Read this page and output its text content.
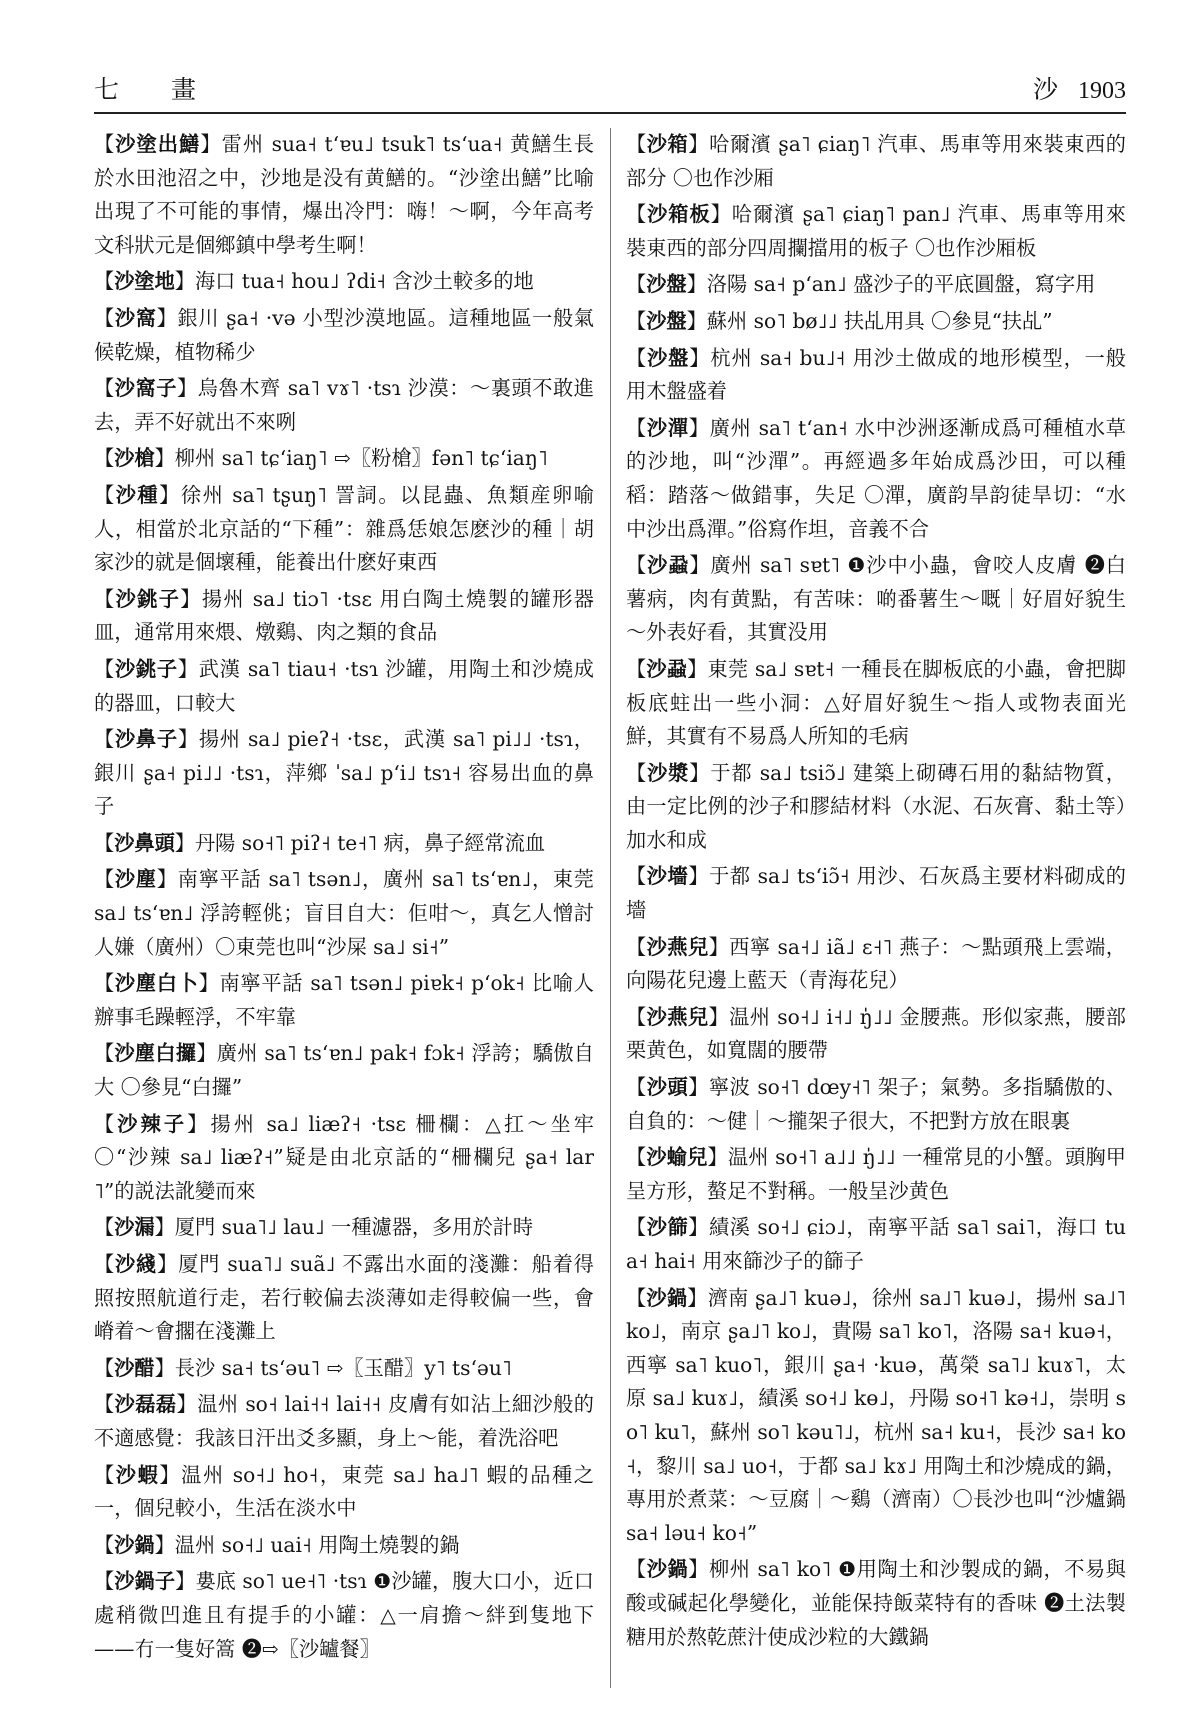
七 畫	沙 1903

【沙塗出鱔】雷州 sua˧ tʻɐu˩ tsuk˥ tsʻua˧ 黄鱔生長於水田池沼之中，沙地是没有黄鱔的。“沙塗出鱔”比喻出現了不可能的事情，爆出冷門：嗨！～啊，今年高考文科狀元是個鄉鎮中學考生啊！

【沙塗地】海口 tua˧ hou˩ ʔdi˧ 含沙土較多的地

【沙窩】銀川 ʂa˧ ·və 小型沙漠地區。這種地區一般氣候乾燥，植物稀少

【沙窩子】烏魯木齊 sa˥ vɤ˥ ·tsɿ 沙漠：～裏頭不敢進去，弄不好就出不來咧

【沙槍】柳州 sa˥ tɕʻiaŋ˥ ⇨〖粉槍〗fən˥ tɕʻiaŋ˥

【沙種】徐州 sa˥ tʂuŋ˥ 詈詞。以昆蟲、魚類産卵喻人，相當於北京話的“下種”：雜爲恁娘怎麽沙的種｜胡家沙的就是個壞種，能養出什麽好東西

【沙銚子】揚州 sa˩ tiɔ˥ ·tsɛ 用白陶土燒製的罐形器皿，通常用來煨、燉鷄、肉之類的食品

【沙銚子】武漢 sa˥ tiau˧ ·tsɿ 沙罐，用陶土和沙燒成的器皿，口較大

【沙鼻子】揚州 sa˩ pieʔ˧ ·tsɛ，武漢 sa˥ pi˩˩ ·tsɿ，銀川 ʂa˧ pi˩˩ ·tsɿ，萍鄉 ˈsa˩ pʻi˩ tsɿ˧ 容易出血的鼻子

【沙鼻頭】丹陽 so˧˥ piʔ˧ te˧˥ 病，鼻子經常流血

【沙塵】南寧平話 sa˥ tsən˩，廣州 sa˥ tsʻɐn˩，東莞 sa˩ tsʻɐn˩ 浮誇輕佻；盲目自大：佢咁～，真乞人憎討人嫌（廣州）〇東莞也叫“沙屎 sa˩ si˧”

【沙塵白卜】南寧平話 sa˥ tsən˩ piɐk˧ pʻok˧ 比喻人辦事毛躁輕浮，不牢靠

【沙塵白攞】廣州 sa˥ tsʻɐn˩ pak˧ fɔk˧ 浮誇；驕傲自大 〇參見“白攞”

【沙辣子】揚州 sa˩ liæʔ˧ ·tsɛ 柵欄：△扛～坐牢 〇“沙辣 sa˩ liæʔ˧”疑是由北京話的“柵欄兒 ʂa˧ lar˥”的説法訛變而來

【沙漏】厦門 sua˥˩ lau˩ 一種濾器，多用於計時

【沙綫】厦門 sua˥˩ suã˩ 不露出水面的淺灘：船着得照按照航道行走，若行較偏去淡薄如走得較偏一些，會嵴着～會擱在淺灘上

【沙醋】長沙 sa˧ tsʻəu˥ ⇨〖玉醋〗y˥ tsʻəu˥

【沙磊磊】温州 so˧ lai˧˧ lai˧˧ 皮膚有如沾上細沙般的不適感覺：我該日汗出爻多顯，身上～能，着洗浴吧

【沙蝦】温州 so˧˩ ho˧，東莞 sa˩ ha˩˥ 蝦的品種之一，個兒較小，生活在淡水中

【沙鍋】温州 so˧˩ uai˧ 用陶土燒製的鍋

【沙鍋子】婁底 so˥ ue˧˥ ·tsɿ ❶沙罐，腹大口小，近口處稍微凹進且有提手的小罐：△一肩擔～絆到隻地下——冇一隻好篙 ❷⇨〖沙罏餐〗

【沙箱】哈爾濱 ʂa˥ ɕiaŋ˥ 汽車、馬車等用來裝東西的部分 〇也作沙厢

【沙箱板】哈爾濱 ʂa˥ ɕiaŋ˥ pan˩ 汽車、馬車等用來裝東西的部分四周攔擋用的板子 〇也作沙厢板

【沙盤】洛陽 sa˧ pʻan˩ 盛沙子的平底圓盤，寫字用

【沙盤】蘇州 so˥ bø˩˩ 扶乩用具 〇參見“扶乩”

【沙盤】杭州 sa˧ bu˩˧ 用沙土做成的地形模型，一般用木盤盛着

【沙潬】廣州 sa˥ tʻan˧ 水中沙洲逐漸成爲可種植水草的沙地，叫“沙潬”。再經過多年始成爲沙田，可以種稻：踏落～做錯事，失足 〇潬，廣韵旱韵徒旱切：“水中沙出爲潬。”俗寫作坦，音義不合

【沙蝨】廣州 sa˥ sɐt˥ ❶沙中小蟲，會咬人皮膚 ❷白薯病，肉有黄點，有苦味：啲番薯生～嘅｜好眉好貌生～外表好看，其實没用

【沙蝨】東莞 sa˩ sɐt˧ 一種長在脚板底的小蟲，會把脚板底蛀出一些小洞：△好眉好貌生～指人或物表面光鮮，其實有不易爲人所知的毛病

【沙漿】于都 sa˩ tsiɔ̃˩ 建築上砌磚石用的黏結物質，由一定比例的沙子和膠結材料（水泥、石灰膏、黏土等）加水和成

【沙墻】于都 sa˩ tsʻiɔ̃˧ 用沙、石灰爲主要材料砌成的墻

【沙燕兒】西寧 sa˧˩ iã˩ ɛ˧˥ 燕子：～點頭飛上雲端，向陽花兒邊上藍天（青海花兒）

【沙燕兒】温州 so˧˩ i˧˩ ŋ̍˩˩ 金腰燕。形似家燕，腰部栗黄色，如寬闊的腰帶

【沙頭】寧波 so˧˥ dœy˧˥ 架子；氣勢。多指驕傲的、自負的：～健｜～攏架子很大，不把對方放在眼裏

【沙蝓兒】温州 so˧˥ a˩˩ ŋ̍˩˩ 一種常見的小蟹。頭胸甲呈方形，螯足不對稱。一般呈沙黄色

【沙篩】績溪 so˧˩ ɕiɔ˩，南寧平話 sa˥ sai˥，海口 tua˧ hai˧ 用來篩沙子的篩子

【沙鍋】濟南 ʂa˩˥ kuə˩，徐州 sa˩˥ kuə˩，揚州 sa˩˥ ko˩，南京 ʂa˩˥ ko˩，貴陽 sa˥ ko˥，洛陽 sa˧ kuə˧，西寧 sa˥ kuo˥，銀川 ʂa˧ ·kuə，萬榮 sa˥˩ kuɤ˥，太原 sa˩ kuɤ˩，績溪 so˧˩ kɵ˩，丹陽 so˧˥ kə˧˩，崇明 so˥ ku˥，蘇州 so˥ kəu˥˩，杭州 sa˧ ku˧，長沙 sa˧ ko˧，黎川 sa˩ uo˧，于都 sa˩ kɤ˩ 用陶土和沙燒成的鍋，專用於煮菜：～豆腐｜～鷄（濟南）〇長沙也叫“沙爐鍋 sa˧ ləu˧ ko˧”

【沙鍋】柳州 sa˥ ko˥ ❶用陶土和沙製成的鍋，不易與酸或碱起化學變化，並能保持飯菜特有的香味 ❷土法製糖用於熬乾蔗汁使成沙粒的大鐵鍋
